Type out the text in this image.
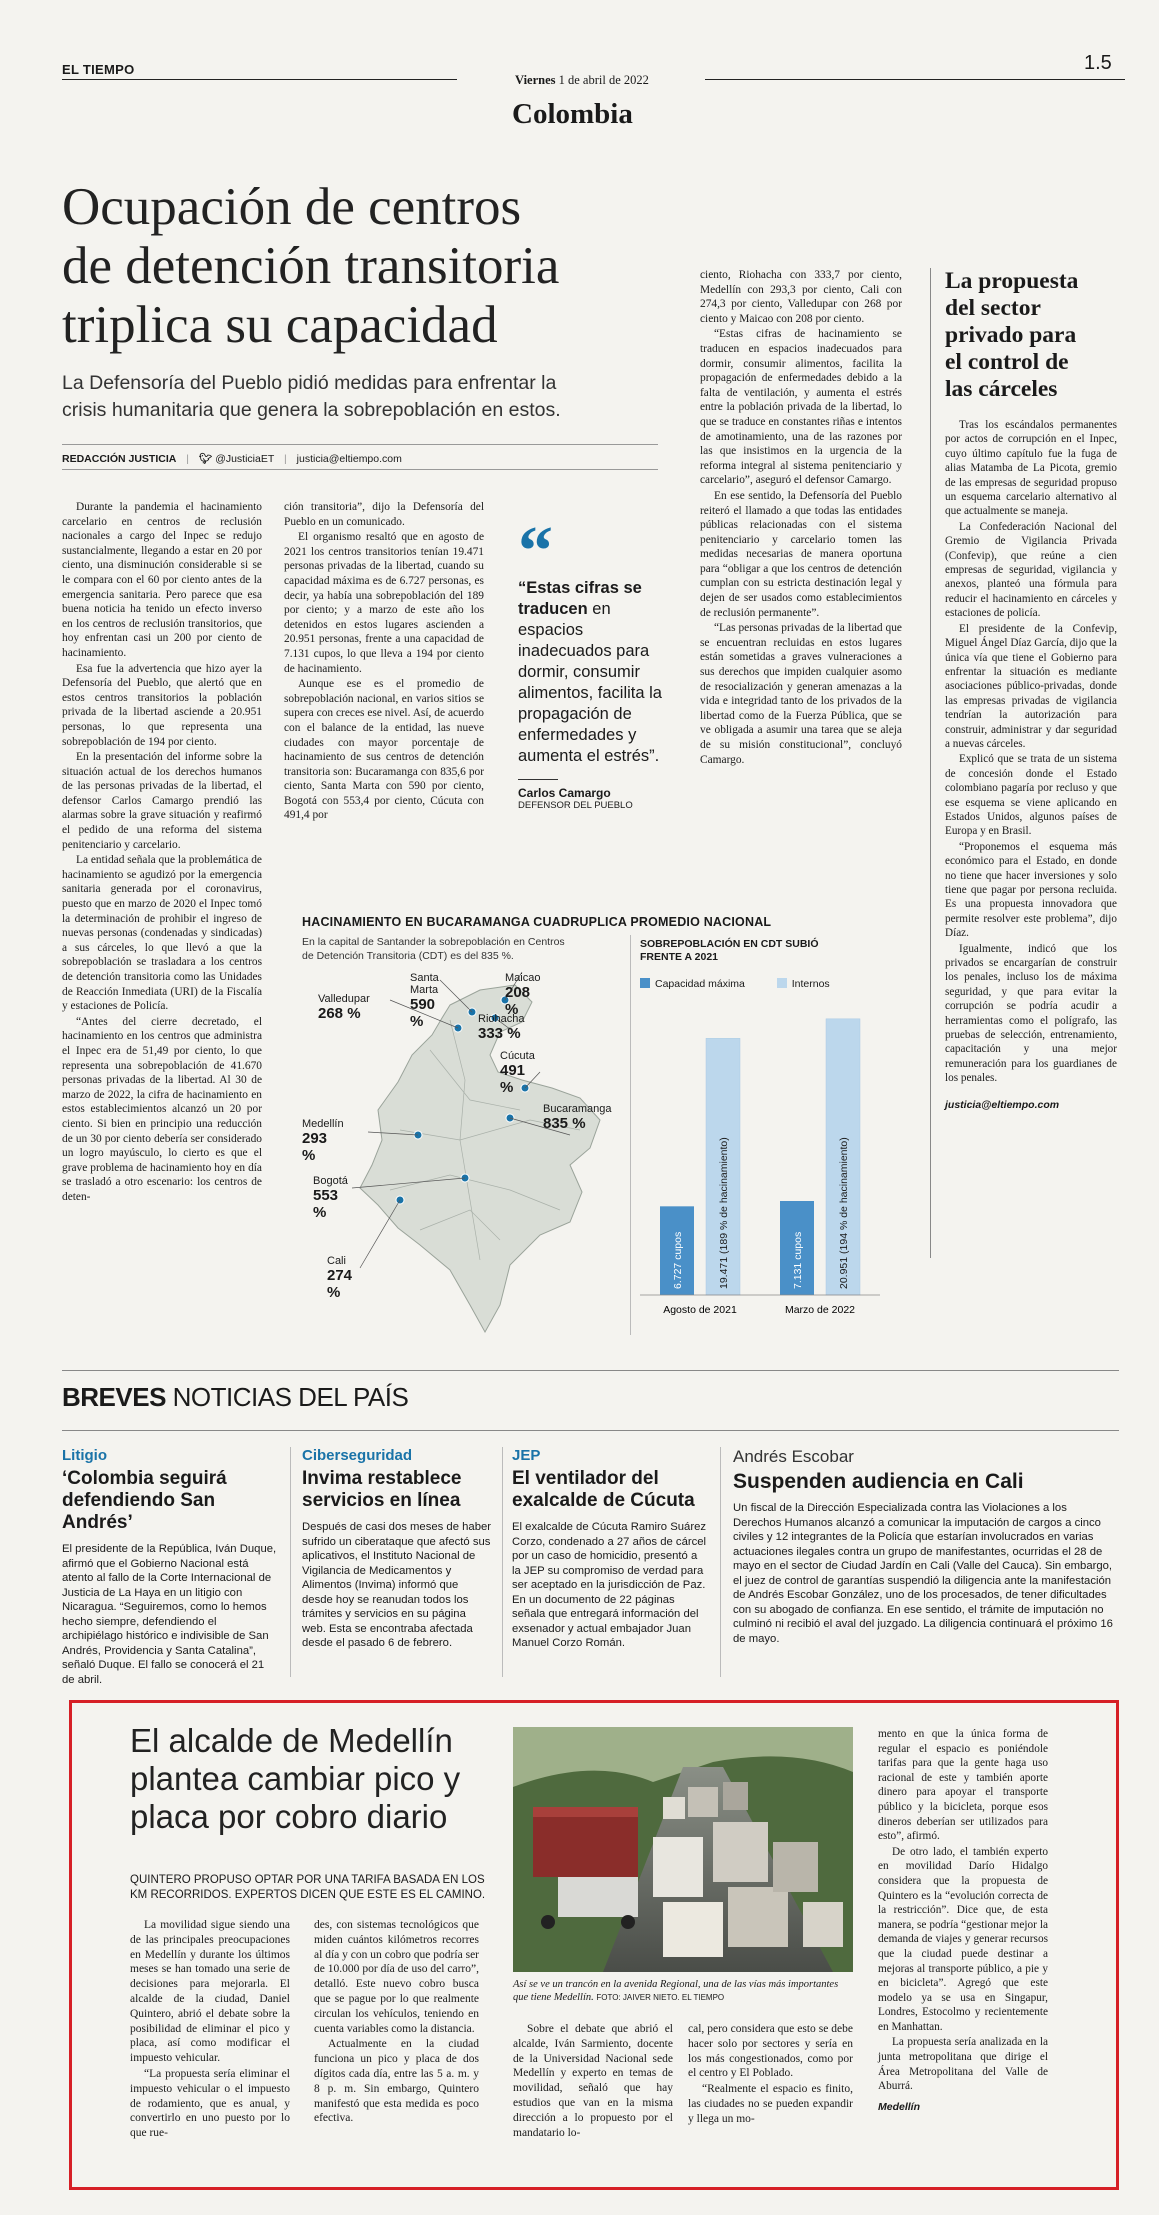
EL TIEMPO
Viernes 1 de abril de 2022
1.5
Colombia
Ocupación de centros
de detención transitoria
triplica su capacidad
La Defensoría del Pueblo pidió medidas para enfrentar la
crisis humanitaria que genera la sobrepoblación en estos.
REDACCIÓN JUSTICIA | 🐦︎ @JusticiaET | justicia@eltiempo.com

Durante la pandemia el hacinamiento carcelario en centros de reclusión nacionales a cargo del Inpec se redujo sustancialmente, llegando a estar en 20 por ciento, una disminución considerable si se le compara con el 60 por ciento antes de la emergencia sanitaria. Pero parece que esa buena noticia ha tenido un efecto inverso en los centros de reclusión transitorios, que hoy enfrentan casi un 200 por ciento de hacinamiento.

Esa fue la advertencia que hizo ayer la Defensoría del Pueblo, que alertó que en estos centros transitorios la población privada de la libertad asciende a 20.951 personas, lo que representa una sobrepoblación de 194 por ciento.

En la presentación del informe sobre la situación actual de los derechos humanos de las personas privadas de la libertad, el defensor Carlos Camargo prendió las alarmas sobre la grave situación y reafirmó el pedido de una reforma del sistema penitenciario y carcelario.

La entidad señala que la problemática de hacinamiento se agudizó por la emergencia sanitaria generada por el coronavirus, puesto que en marzo de 2020 el Inpec tomó la determinación de prohibir el ingreso de nuevas personas (condenadas y sindicadas) a sus cárceles, lo que llevó a que la sobrepoblación se trasladara a los centros de detención transitoria como las Unidades de Reacción Inmediata (URI) de la Fiscalía y estaciones de Policía.

“Antes del cierre decretado, el hacinamiento en los centros que administra el Inpec era de 51,49 por ciento, lo que representa una sobrepoblación de 41.670 personas privadas de la libertad. Al 30 de marzo de 2022, la cifra de hacinamiento en estos establecimientos alcanzó un 20 por ciento. Si bien en principio una reducción de un 30 por ciento debería ser considerado un logro mayúsculo, lo cierto es que el grave problema de hacinamiento hoy en día se trasladó a otro escenario: los centros de deten-

ción transitoria”, dijo la Defensoría del Pueblo en un comunicado.

El organismo resaltó que en agosto de 2021 los centros transitorios tenían 19.471 personas privadas de la libertad, cuando su capacidad máxima es de 6.727 personas, es decir, ya había una sobrepoblación del 189 por ciento; y a marzo de este año los detenidos en estos lugares ascienden a 20.951 personas, frente a una capacidad de 7.131 cupos, lo que lleva a 194 por ciento de hacinamiento.

Aunque ese es el promedio de sobrepoblación nacional, en varios sitios se supera con creces ese nivel. Así, de acuerdo con el balance de la entidad, las nueve ciudades con mayor porcentaje de hacinamiento de sus centros de detención transitoria son: Bucaramanga con 835,6 por ciento, Santa Marta con 590 por ciento, Bogotá con 553,4 por ciento, Cúcuta con 491,4 por

“
“Estas cifras se traducen en espacios inadecuados para dormir, consumir alimentos, facilita la propagación de enfermedades y aumenta el estrés”.
Carlos Camargo
DEFENSOR DEL PUEBLO

ciento, Riohacha con 333,7 por ciento, Medellín con 293,3 por ciento, Cali con 274,3 por ciento, Valledupar con 268 por ciento y Maicao con 208 por ciento.

“Estas cifras de hacinamiento se traducen en espacios inadecuados para dormir, consumir alimentos, facilita la propagación de enfermedades debido a la falta de ventilación, y aumenta el estrés entre la población privada de la libertad, lo que se traduce en constantes riñas e intentos de amotinamiento, una de las razones por las que insistimos en la urgencia de la reforma integral al sistema penitenciario y carcelario”, aseguró el defensor Camargo.

En ese sentido, la Defensoría del Pueblo reiteró el llamado a que todas las entidades públicas relacionadas con el sistema penitenciario y carcelario tomen las medidas necesarias de manera oportuna para “obligar a que los centros de detención cumplan con su estricta destinación legal y dejen de ser usados como establecimientos de reclusión permanente”.

“Las personas privadas de la libertad que se encuentran recluidas en estos lugares están sometidas a graves vulneraciones a sus derechos que impiden cualquier asomo de resocialización y generan amenazas a la vida e integridad tanto de los privados de la libertad como de la Fuerza Pública, que se ve obligada a asumir una tarea que se aleja de su misión constitucional”, concluyó Camargo.

La propuesta
del sector
privado para
el control de
las cárceles

Tras los escándalos permanentes por actos de corrupción en el Inpec, cuyo último capítulo fue la fuga de alias Matamba de La Picota, gremio de las empresas de seguridad propuso un esquema carcelario alternativo al que actualmente se maneja.

La Confederación Nacional del Gremio de Vigilancia Privada (Confevip), que reúne a cien empresas de seguridad, vigilancia y anexos, planteó una fórmula para reducir el hacinamiento en cárceles y estaciones de policía.

El presidente de la Confevip, Miguel Ángel Díaz García, dijo que la única vía que tiene el Gobierno para enfrentar la situación es mediante asociaciones público-privadas, donde las empresas privadas de vigilancia tendrían la autorización para construir, administrar y dar seguridad a nuevas cárceles.

Explicó que se trata de un sistema de concesión donde el Estado colombiano pagaría por recluso y que ese esquema se viene aplicando en Estados Unidos, algunos países de Europa y en Brasil.

“Proponemos el esquema más económico para el Estado, en donde no tiene que hacer inversiones y solo tiene que pagar por persona recluida. Es una propuesta innovadora que permite resolver este problema”, dijo Díaz.

Igualmente, indicó que los privados se encargarían de construir los penales, incluso los de máxima seguridad, y que para evitar la corrupción se podría acudir a herramientas como el polígrafo, las pruebas de selección, entrenamiento, capacitación y una mejor remuneración para los guardianes de los penales.

justicia@eltiempo.com

HACINAMIENTO EN BUCARAMANGA CUADRUPLICA PROMEDIO NACIONAL
En la capital de Santander la sobrepoblación en Centros
de Detención Transitoria (CDT) es del 835 %.
Santa Marta
590 %
Maicao
208 %
Valledupar
268 %	Riohacha
333 %
Cúcuta
491 %
Medellín
293 %
Bucaramanga
835 %
Bogotá
553 %
Cali
274 %
SOBREPOBLACIÓN EN CDT SUBIÓ FRENTE A 2021
Capacidad máxima	Internos
6.727 cupos	19.471 (189 % de hacinamiento)
Agosto de 2021
7.131 cupos	20.951 (194 % de hacinamiento)
Marzo de 2022
BREVES NOTICIAS DEL PAÍS
Litigio
‘Colombia seguirá defendiendo San Andrés’
El presidente de la República, Iván Duque, afirmó que el Gobierno Nacional está atento al fallo de la Corte Internacional de Justicia de La Haya en un litigio con Nicaragua. “Seguiremos, como lo hemos hecho siempre, defendiendo el archipiélago histórico e indivisible de San Andrés, Providencia y Santa Catalina”, señaló Duque. El fallo se conocerá el 21 de abril.
Ciberseguridad
Invima restablece servicios en línea
Después de casi dos meses de haber sufrido un ciberataque que afectó sus aplicativos, el Instituto Nacional de Vigilancia de Medicamentos y Alimentos (Invima) informó que desde hoy se reanudan todos los trámites y servicios en su página web. Esta se encontraba afectada desde el pasado 6 de febrero.
JEP
El ventilador del exalcalde de Cúcuta
El exalcalde de Cúcuta Ramiro Suárez Corzo, condenado a 27 años de cárcel por un caso de homicidio, presentó a la JEP su compromiso de verdad para ser aceptado en la jurisdicción de Paz. En un documento de 22 páginas señala que entregará información del exsenador y actual embajador Juan Manuel Corzo Román.
Andrés Escobar
Suspenden audiencia en Cali
Un fiscal de la Dirección Especializada contra las Violaciones a los Derechos Humanos alcanzó a comunicar la imputación de cargos a cinco civiles y 12 integrantes de la Policía que estarían involucrados en varias actuaciones ilegales contra un grupo de manifestantes, ocurridas el 28 de mayo en el sector de Ciudad Jardín en Cali (Valle del Cauca). Sin embargo, el juez de control de garantías suspendió la diligencia ante la manifestación de Andrés Escobar González, uno de los procesados, de tener dificultades con su abogado de confianza. En ese sentido, el trámite de imputación no culminó ni recibió el aval del juzgado. La diligencia continuará el próximo 16 de mayo.
El alcalde de Medellín
plantea cambiar pico y
placa por cobro diario
QUINTERO PROPUSO OPTAR POR UNA TARIFA BASADA EN LOS KM RECORRIDOS. EXPERTOS DICEN QUE ESTE ES EL CAMINO.

La movilidad sigue siendo una de las principales preocupaciones en Medellín y durante los últimos meses se han tomado una serie de decisiones para mejorarla. El alcalde de la ciudad, Daniel Quintero, abrió el debate sobre la posibilidad de eliminar el pico y placa, así como modificar el impuesto vehicular.

“La propuesta sería eliminar el impuesto vehicular o el impuesto de rodamiento, que es anual, y convertirlo en uno puesto por lo que rue-

des, con sistemas tecnológicos que miden cuántos kilómetros recorres al día y con un cobro que podría ser de 10.000 por día de uso del carro”, detalló. Este nuevo cobro busca que se pague por lo que realmente circulan los vehículos, teniendo en cuenta variables como la distancia.

Actualmente en la ciudad funciona un pico y placa de dos dígitos cada día, entre las 5 a. m. y 8 p. m. Sin embargo, Quintero manifestó que esta medida es poco efectiva.

Así se ve un trancón en la avenida Regional, una de las vías más importantes que tiene Medellín. FOTO: JAIVER NIETO. EL TIEMPO

Sobre el debate que abrió el alcalde, Iván Sarmiento, docente de la Universidad Nacional sede Medellín y experto en temas de movilidad, señaló que hay estudios que van en la misma dirección a lo propuesto por el mandatario lo-

cal, pero considera que esto se debe hacer solo por sectores y sería en los más congestionados, como por el centro y El Poblado.

“Realmente el espacio es finito, las ciudades no se pueden expandir y llega un mo-

mento en que la única forma de regular el espacio es poniéndole tarifas para que la gente haga uso racional de este y también aporte dinero para apoyar el transporte público y la bicicleta, porque esos dineros deberían ser utilizados para esto”, afirmó.

De otro lado, el también experto en movilidad Darío Hidalgo considera que la propuesta de Quintero es la “evolución correcta de la restricción”. Dice que, de esta manera, se podría “gestionar mejor la demanda de viajes y generar recursos que la ciudad puede destinar a mejoras al transporte público, a pie y en bicicleta”. Agregó que este modelo ya se usa en Singapur, Londres, Estocolmo y recientemente en Manhattan.

La propuesta sería analizada en la junta metropolitana que dirige el Área Metropolitana del Valle de Aburrá.

Medellín
